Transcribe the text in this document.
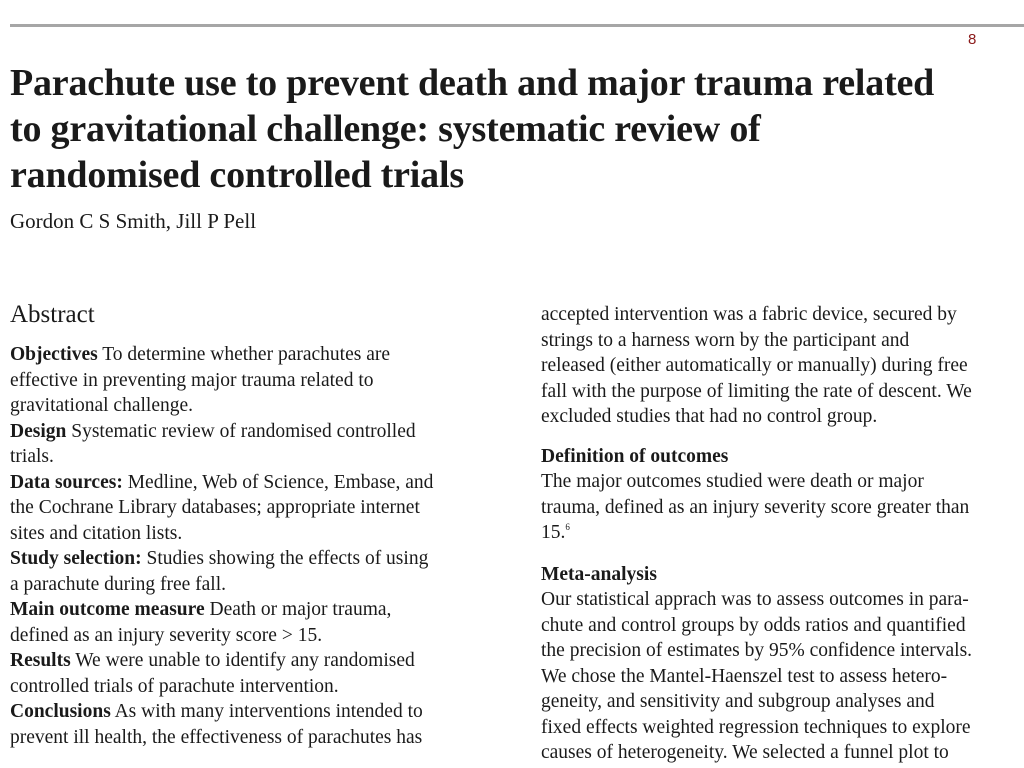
8
Parachute use to prevent death and major trauma related
to gravitational challenge: systematic review of
randomised controlled trials

Gordon C S Smith, Jill P Pell

Abstract

Objectives To determine whether parachutes are
effective in preventing major trauma related to
gravitational challenge.

Design Systematic review of randomised controlled
trials.

Data sources: Medline, Web of Science, Embase, and
the Cochrane Library databases; appropriate internet
sites and citation lists.

Study selection: Studies showing the effects of using
a parachute during free fall.

Main outcome measure Death or major trauma,
defined as an injury severity score > 15.

Results We were unable to identify any randomised
controlled trials of parachute intervention.

Conclusions As with many interventions intended to
prevent ill health, the effectiveness of parachutes has

accepted intervention was a fabric device, secured by
strings to a harness worn by the participant and
released (either automatically or manually) during free
fall with the purpose of limiting the rate of descent. We
excluded studies that had no control group.

Definition of outcomes

The major outcomes studied were death or major
trauma, defined as an injury severity score greater than
15.$^6$

Meta-analysis

Our statistical apprach was to assess outcomes in para-
chute and control groups by odds ratios and quantified
the precision of estimates by 95% confidence intervals.
We chose the Mantel-Haenszel test to assess hetero-
geneity, and sensitivity and subgroup analyses and
fixed effects weighted regression techniques to explore
causes of heterogeneity. We selected a funnel plot to
